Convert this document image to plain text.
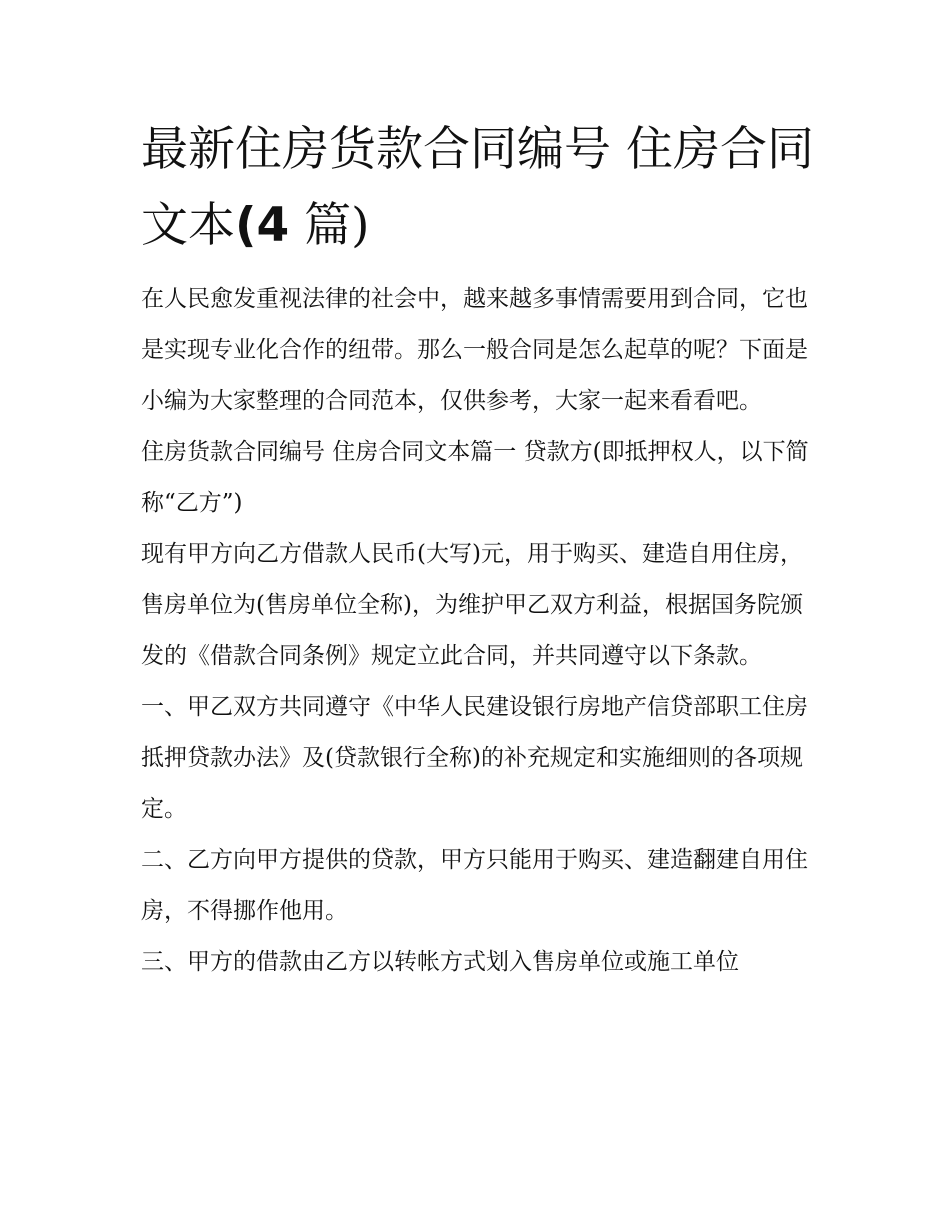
最新住房货款合同编号 住房合同文本(4 篇)

在人民愈发重视法律的社会中，越来越多事情需要用到合同，它也是实现专业化合作的纽带。那么一般合同是怎么起草的呢？下面是小编为大家整理的合同范本，仅供参考，大家一起来看看吧。

住房货款合同编号 住房合同文本篇一 贷款方(即抵押权人，以下简称“乙方”)

现有甲方向乙方借款人民币(大写)元，用于购买、建造自用住房，售房单位为(售房单位全称)，为维护甲乙双方利益，根据国务院颁发的《借款合同条例》规定立此合同，并共同遵守以下条款。

一、甲乙双方共同遵守《中华人民建设银行房地产信贷部职工住房抵押贷款办法》及(贷款银行全称)的补充规定和实施细则的各项规定。

二、乙方向甲方提供的贷款，甲方只能用于购买、建造翻建自用住房，不得挪作他用。

三、甲方的借款由乙方以转帐方式划入售房单位或施工单位
